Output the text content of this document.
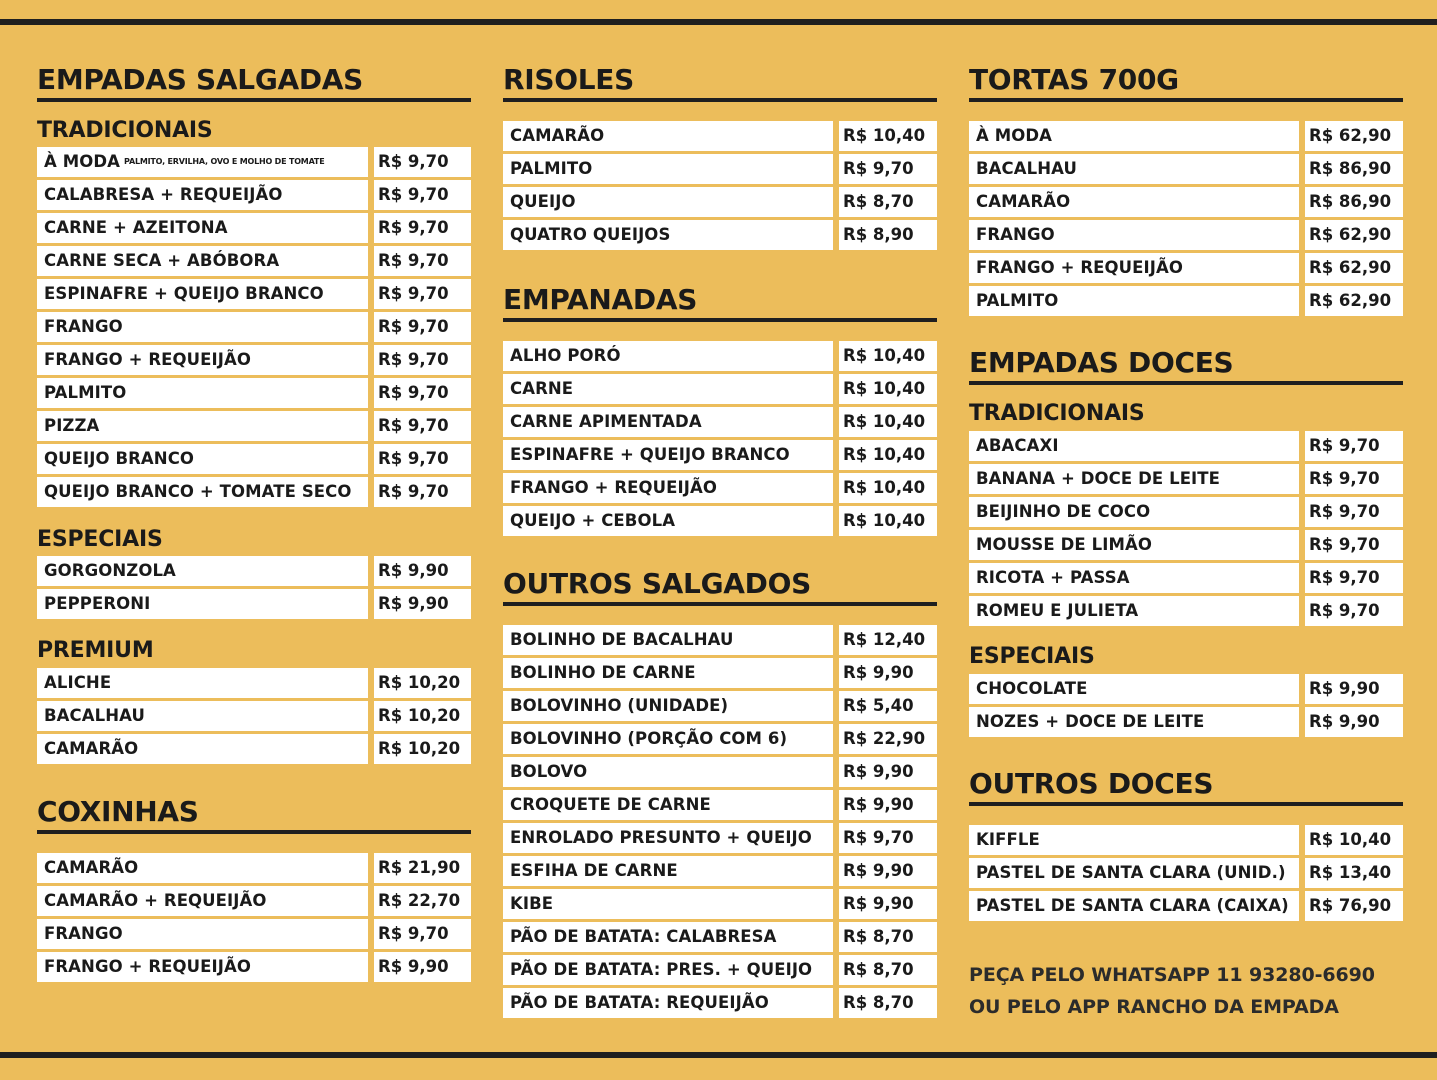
EMPADAS SALGADAS
TRADICIONAIS
À MODA PALMITO, ERVILHA, OVO E MOLHO DE TOMATE	R$ 9,70
CALABRESA + REQUEIJÃO	R$ 9,70
CARNE + AZEITONA	R$ 9,70
CARNE SECA + ABÓBORA	R$ 9,70
ESPINAFRE + QUEIJO BRANCO	R$ 9,70
FRANGO	R$ 9,70
FRANGO + REQUEIJÃO	R$ 9,70
PALMITO	R$ 9,70
PIZZA	R$ 9,70
QUEIJO BRANCO	R$ 9,70
QUEIJO BRANCO + TOMATE SECO	R$ 9,70
ESPECIAIS
GORGONZOLA	R$ 9,90
PEPPERONI	R$ 9,90
PREMIUM
ALICHE	R$ 10,20
BACALHAU	R$ 10,20
CAMARÃO	R$ 10,20
COXINHAS
CAMARÃO	R$ 21,90
CAMARÃO + REQUEIJÃO	R$ 22,70
FRANGO	R$ 9,70
FRANGO + REQUEIJÃO	R$ 9,90
RISOLES
CAMARÃO	R$ 10,40
PALMITO	R$ 9,70
QUEIJO	R$ 8,70
QUATRO QUEIJOS	R$ 8,90
EMPANADAS
ALHO PORÓ	R$ 10,40
CARNE	R$ 10,40
CARNE APIMENTADA	R$ 10,40
ESPINAFRE + QUEIJO BRANCO	R$ 10,40
FRANGO + REQUEIJÃO	R$ 10,40
QUEIJO + CEBOLA	R$ 10,40
OUTROS SALGADOS
BOLINHO DE BACALHAU	R$ 12,40
BOLINHO DE CARNE	R$ 9,90
BOLOVINHO (UNIDADE)	R$ 5,40
BOLOVINHO (PORÇÃO COM 6)	R$ 22,90
BOLOVO	R$ 9,90
CROQUETE DE CARNE	R$ 9,90
ENROLADO PRESUNTO + QUEIJO	R$ 9,70
ESFIHA DE CARNE	R$ 9,90
KIBE	R$ 9,90
PÃO DE BATATA: CALABRESA	R$ 8,70
PÃO DE BATATA: PRES. + QUEIJO	R$ 8,70
PÃO DE BATATA: REQUEIJÃO	R$ 8,70
TORTAS 700G
À MODA	R$ 62,90
BACALHAU	R$ 86,90
CAMARÃO	R$ 86,90
FRANGO	R$ 62,90
FRANGO + REQUEIJÃO	R$ 62,90
PALMITO	R$ 62,90
EMPADAS DOCES
TRADICIONAIS
ABACAXI	R$ 9,70
BANANA + DOCE DE LEITE	R$ 9,70
BEIJINHO DE COCO	R$ 9,70
MOUSSE DE LIMÃO	R$ 9,70
RICOTA + PASSA	R$ 9,70
ROMEU E JULIETA	R$ 9,70
ESPECIAIS
CHOCOLATE	R$ 9,90
NOZES + DOCE DE LEITE	R$ 9,90
OUTROS DOCES
KIFFLE	R$ 10,40
PASTEL DE SANTA CLARA (UNID.)	R$ 13,40
PASTEL DE SANTA CLARA (CAIXA)	R$ 76,90
PEÇA PELO WHATSAPP 11 93280-6690
OU PELO APP RANCHO DA EMPADA
